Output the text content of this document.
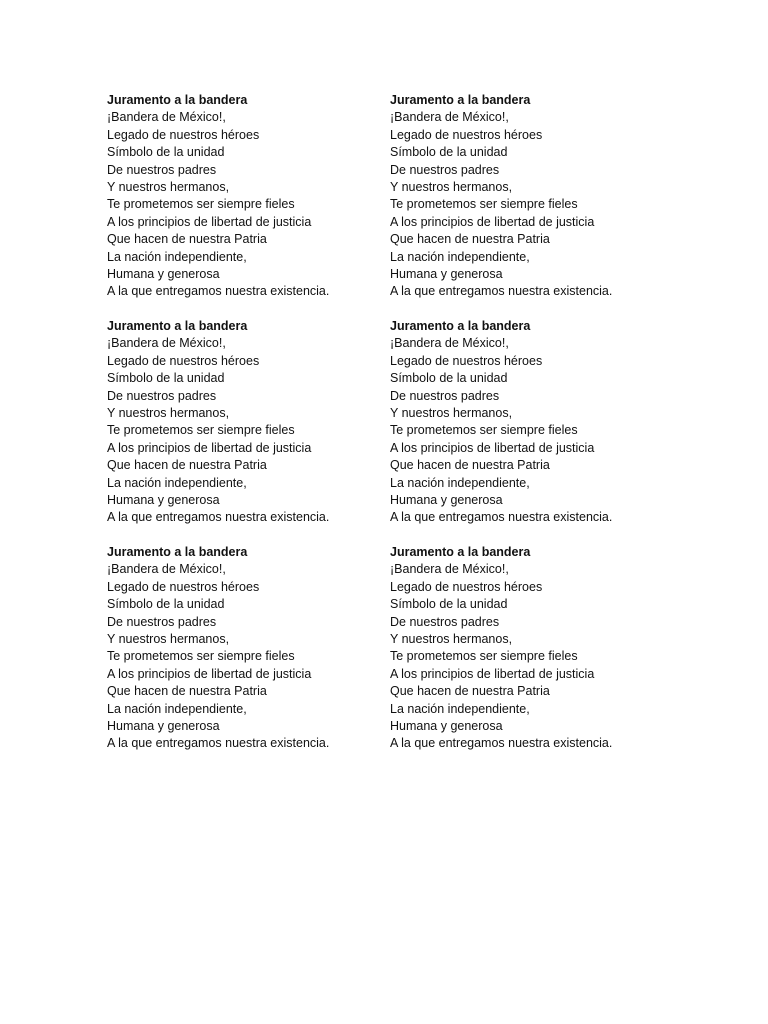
Juramento a la bandera

¡Bandera de México!,

Legado de nuestros héroes

Símbolo de la unidad

De nuestros padres

Y nuestros hermanos,

Te prometemos ser siempre fieles

A los principios de libertad de justicia

Que hacen de nuestra Patria

La nación independiente,

Humana y generosa

A la que entregamos nuestra existencia.

Juramento a la bandera

¡Bandera de México!,

Legado de nuestros héroes

Símbolo de la unidad

De nuestros padres

Y nuestros hermanos,

Te prometemos ser siempre fieles

A los principios de libertad de justicia

Que hacen de nuestra Patria

La nación independiente,

Humana y generosa

A la que entregamos nuestra existencia.

Juramento a la bandera

¡Bandera de México!,

Legado de nuestros héroes

Símbolo de la unidad

De nuestros padres

Y nuestros hermanos,

Te prometemos ser siempre fieles

A los principios de libertad de justicia

Que hacen de nuestra Patria

La nación independiente,

Humana y generosa

A la que entregamos nuestra existencia.

Juramento a la bandera

¡Bandera de México!,

Legado de nuestros héroes

Símbolo de la unidad

De nuestros padres

Y nuestros hermanos,

Te prometemos ser siempre fieles

A los principios de libertad de justicia

Que hacen de nuestra Patria

La nación independiente,

Humana y generosa

A la que entregamos nuestra existencia.

Juramento a la bandera

¡Bandera de México!,

Legado de nuestros héroes

Símbolo de la unidad

De nuestros padres

Y nuestros hermanos,

Te prometemos ser siempre fieles

A los principios de libertad de justicia

Que hacen de nuestra Patria

La nación independiente,

Humana y generosa

A la que entregamos nuestra existencia.

Juramento a la bandera

¡Bandera de México!,

Legado de nuestros héroes

Símbolo de la unidad

De nuestros padres

Y nuestros hermanos,

Te prometemos ser siempre fieles

A los principios de libertad de justicia

Que hacen de nuestra Patria

La nación independiente,

Humana y generosa

A la que entregamos nuestra existencia.
